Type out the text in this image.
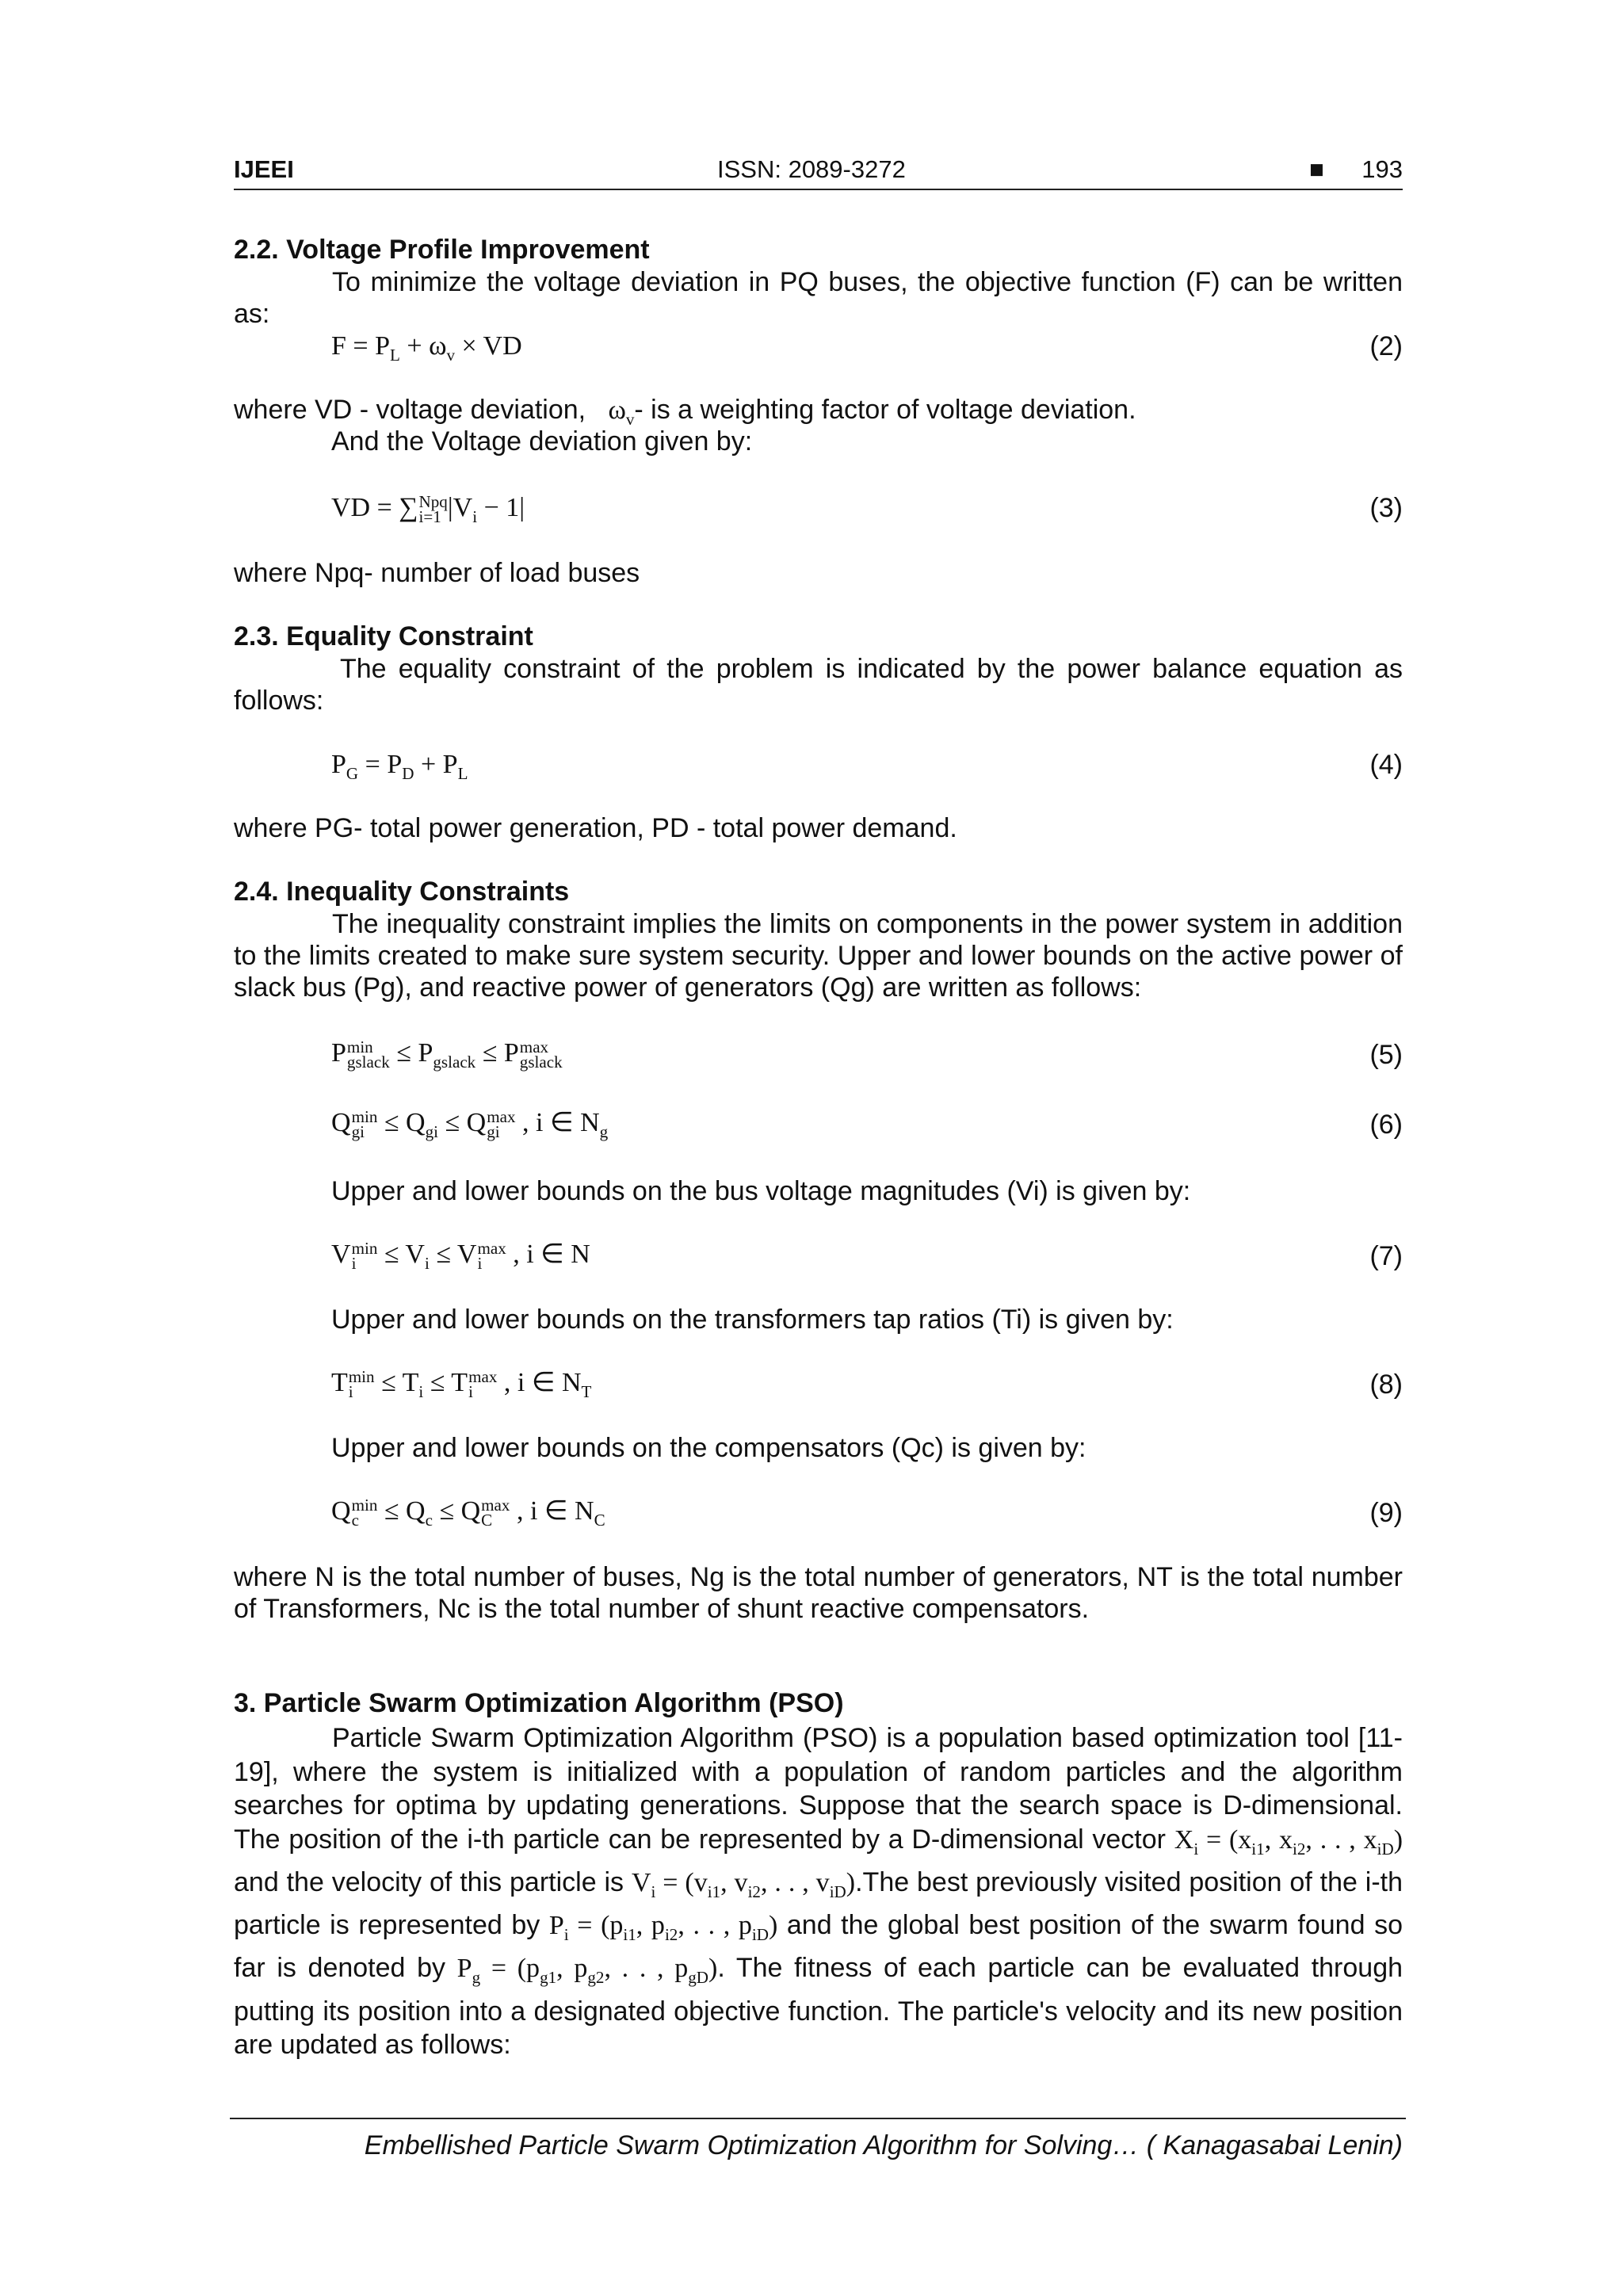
IJEEI	ISSN: 2089-3272	■	193
2.2. Voltage Profile Improvement
To minimize the voltage deviation in PQ buses, the objective function (F) can be written as:
$F = P_L + \omega_v$ × VD	(2)
where VD - voltage deviation, $\omega_v-$ is a weighting factor of voltage deviation.
And the Voltage deviation given by:
VD = ∑ Npq
i=1 $|V_i - 1|$	(3)
where Npq- number of load buses
2.3. Equality Constraint
The equality constraint of the problem is indicated by the power balance equation as follows:
$P_G = P_D + P_L$	(4)
where PG- total power generation, PD - total power demand.
2.4. Inequality Constraints
The inequality constraint implies the limits on components in the power system in addition to the limits created to make sure system security. Upper and lower bounds on the active power of slack bus (Pg), and reactive power of generators (Qg) are written as follows:
P min
gslack ≤ $P_{gslack} \le P$ max
gslack	(5)
Q min
gi ≤ $Q_{gi} \le Q$ max
gi , i ∈ $N_g$	(6)
Upper and lower bounds on the bus voltage magnitudes (Vi) is given by:
V min
$i \le V_i \le V$ max
i , i ∈ N	(7)
Upper and lower bounds on the transformers tap ratios (Ti) is given by:
T min
$i \le T_i \le T$ max
i , i ∈ $N_T$	(8)
Upper and lower bounds on the compensators (Qc) is given by:
Q min
$c \le Q_c \le Q$ max
C , i ∈ $N_C$	(9)
where N is the total number of buses, Ng is the total number of generators, NT is the total number of Transformers, Nc is the total number of shunt reactive compensators.
3. Particle Swarm Optimization Algorithm (PSO)
Particle Swarm Optimization Algorithm (PSO) is a population based optimization tool [11-19], where the system is initialized with a population of random particles and the algorithm searches for optima by updating generations. Suppose that the search space is D-dimensional. The position of the i-th particle can be represented by a D-dimensional vector $X_i = (x_{i1}$, $x_{i2}$, . . , $x_{iD}$) and the velocity of this particle is $V_i = (v_{i1}$, $v_{i2}$, . . , $v_{iD}).The$ best previously visited position of the i-th particle is represented by $P_i = (p_{i1}$, $p_{i2}$, . . , $p_{iD}$) and the global best position of the swarm found so far is denoted by $P_g = (p_{g1}$, $p_{g2}$, . . , $p_{gD}$). The fitness of each particle can be evaluated through putting its position into a designated objective function. The particle's velocity and its new position are updated as follows:
Embellished Particle Swarm Optimization Algorithm for Solving… ( Kanagasabai Lenin)
